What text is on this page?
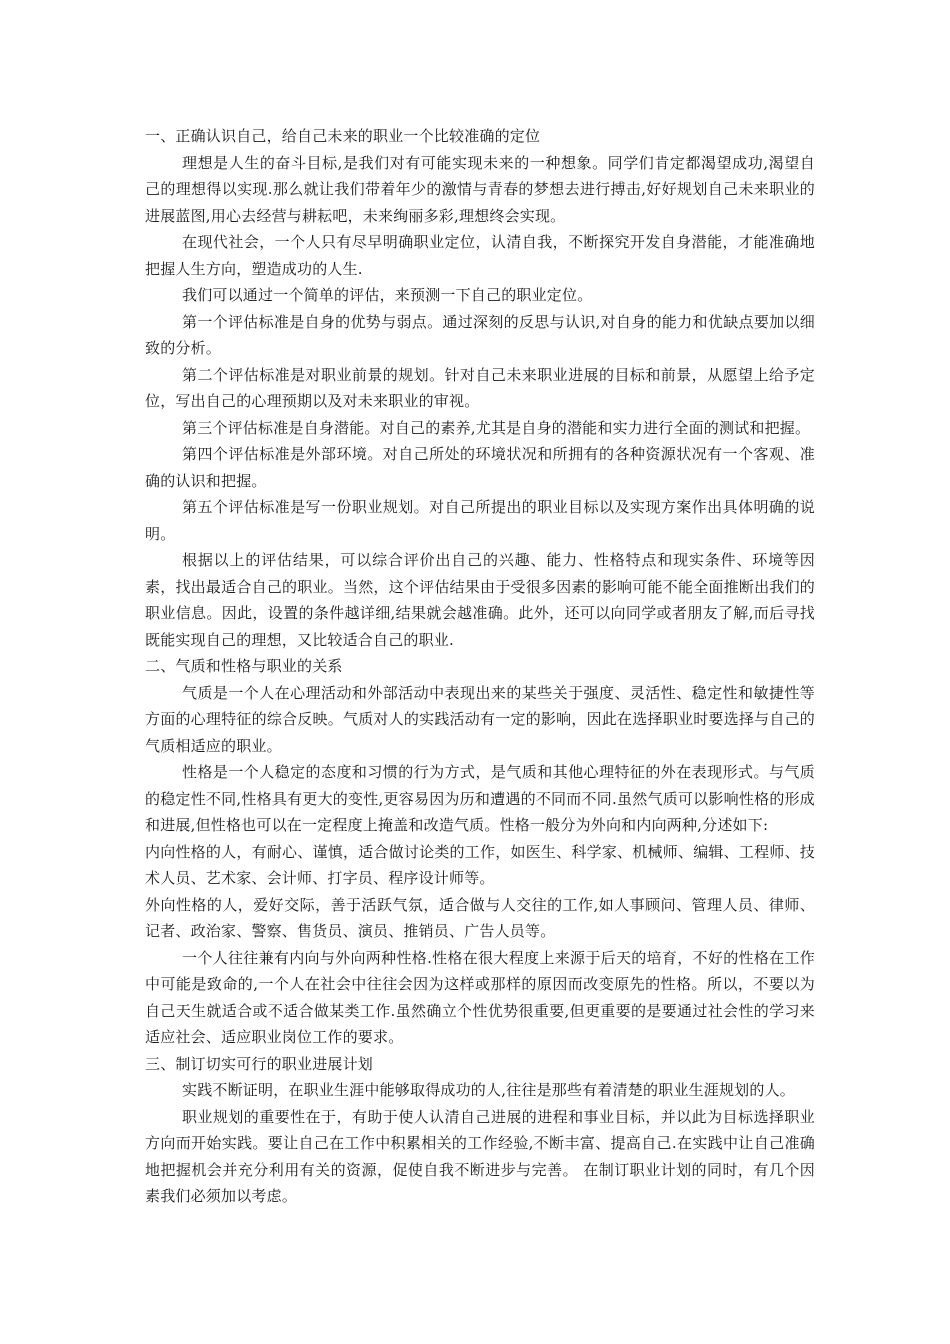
一、正确认识自己，给自己未来的职业一个比较准确的定位

理想是人生的奋斗目标,是我们对有可能实现未来的一种想象。同学们肯定都渴望成功,渴望自己的理想得以实现.那么就让我们带着年少的激情与青春的梦想去进行搏击,好好规划自己未来职业的进展蓝图,用心去经营与耕耘吧，未来绚丽多彩,理想终会实现。

在现代社会，一个人只有尽早明确职业定位，认清自我，不断探究开发自身潜能，才能准确地把握人生方向，塑造成功的人生.

我们可以通过一个简单的评估，来预测一下自己的职业定位。

第一个评估标准是自身的优势与弱点。通过深刻的反思与认识,对自身的能力和优缺点要加以细致的分析。

第二个评估标准是对职业前景的规划。针对自己未来职业进展的目标和前景，从愿望上给予定位，写出自己的心理预期以及对未来职业的审视。

第三个评估标准是自身潜能。对自己的素养,尤其是自身的潜能和实力进行全面的测试和把握。

第四个评估标准是外部环境。对自己所处的环境状况和所拥有的各种资源状况有一个客观、准确的认识和把握。

第五个评估标准是写一份职业规划。对自己所提出的职业目标以及实现方案作出具体明确的说明。

根据以上的评估结果，可以综合评价出自己的兴趣、能力、性格特点和现实条件、环境等因素，找出最适合自己的职业。当然，这个评估结果由于受很多因素的影响可能不能全面推断出我们的职业信息。因此，设置的条件越详细,结果就会越准确。此外，还可以向同学或者朋友了解,而后寻找既能实现自己的理想，又比较适合自己的职业.

二、气质和性格与职业的关系

气质是一个人在心理活动和外部活动中表现出来的某些关于强度、灵活性、稳定性和敏捷性等方面的心理特征的综合反映。气质对人的实践活动有一定的影响，因此在选择职业时要选择与自己的气质相适应的职业。

性格是一个人稳定的态度和习惯的行为方式，是气质和其他心理特征的外在表现形式。与气质的稳定性不同,性格具有更大的变性,更容易因为历和遭遇的不同而不同.虽然气质可以影响性格的形成和进展,但性格也可以在一定程度上掩盖和改造气质。性格一般分为外向和内向两种,分述如下:

内向性格的人，有耐心、谨慎，适合做讨论类的工作，如医生、科学家、机械师、编辑、工程师、技术人员、艺术家、会计师、打字员、程序设计师等。

外向性格的人，爱好交际，善于活跃气氛，适合做与人交往的工作,如人事顾问、管理人员、律师、记者、政治家、警察、售货员、演员、推销员、广告人员等。

一个人往往兼有内向与外向两种性格.性格在很大程度上来源于后天的培育，不好的性格在工作中可能是致命的,一个人在社会中往往会因为这样或那样的原因而改变原先的性格。所以，不要以为自己天生就适合或不适合做某类工作.虽然确立个性优势很重要,但更重要的是要通过社会性的学习来适应社会、适应职业岗位工作的要求。

三、制订切实可行的职业进展计划

实践不断证明，在职业生涯中能够取得成功的人,往往是那些有着清楚的职业生涯规划的人。

职业规划的重要性在于，有助于使人认清自己进展的进程和事业目标，并以此为目标选择职业方向而开始实践。要让自己在工作中积累相关的工作经验,不断丰富、提高自己.在实践中让自己准确地把握机会并充分利用有关的资源，促使自我不断进步与完善。 在制订职业计划的同时，有几个因素我们必须加以考虑。
